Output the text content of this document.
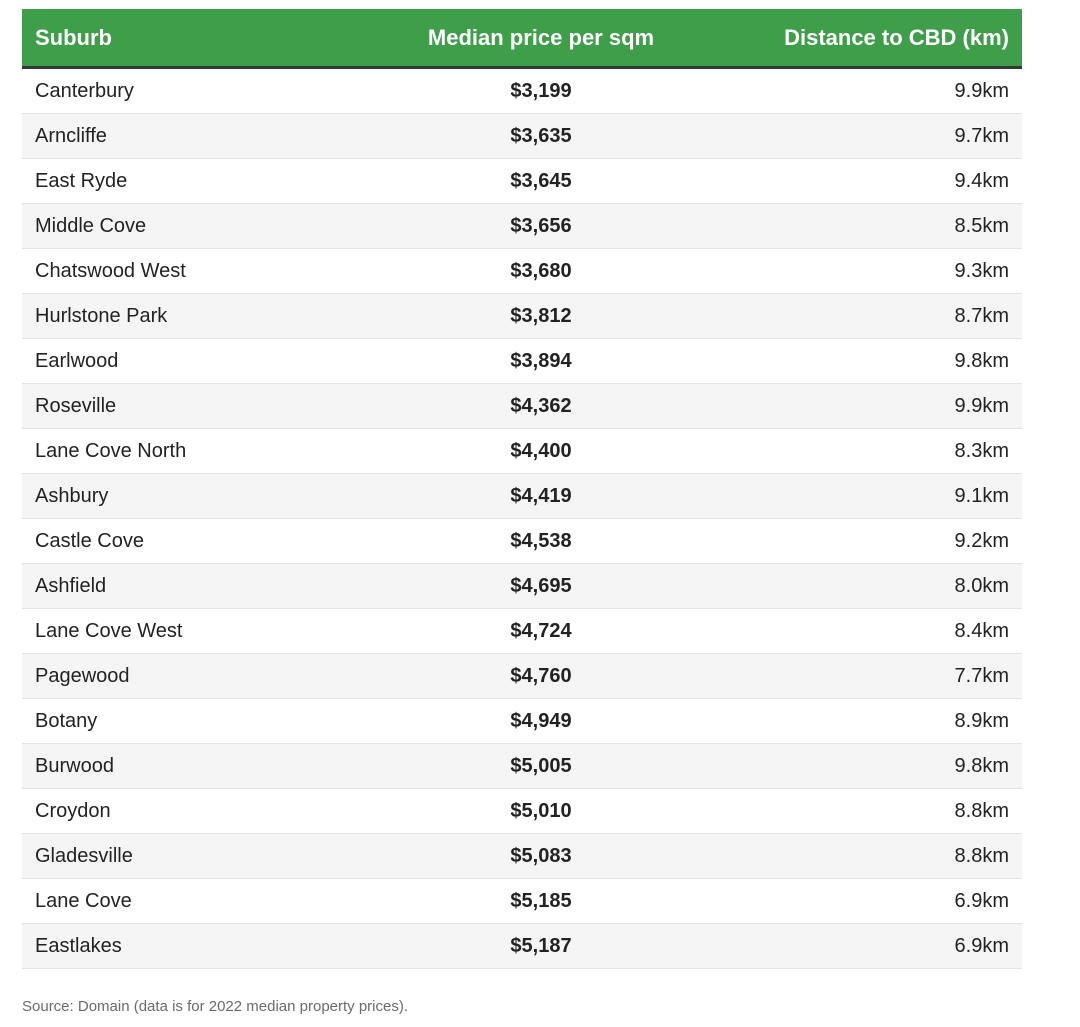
Suburb	Median price per sqm	Distance to CBD (km)
Canterbury	$3,199	9.9km
Arncliffe	$3,635	9.7km
East Ryde	$3,645	9.4km
Middle Cove	$3,656	8.5km
Chatswood West	$3,680	9.3km
Hurlstone Park	$3,812	8.7km
Earlwood	$3,894	9.8km
Roseville	$4,362	9.9km
Lane Cove North	$4,400	8.3km
Ashbury	$4,419	9.1km
Castle Cove	$4,538	9.2km
Ashfield	$4,695	8.0km
Lane Cove West	$4,724	8.4km
Pagewood	$4,760	7.7km
Botany	$4,949	8.9km
Burwood	$5,005	9.8km
Croydon	$5,010	8.8km
Gladesville	$5,083	8.8km
Lane Cove	$5,185	6.9km
Eastlakes	$5,187	6.9km
Source: Domain (data is for 2022 median property prices).
